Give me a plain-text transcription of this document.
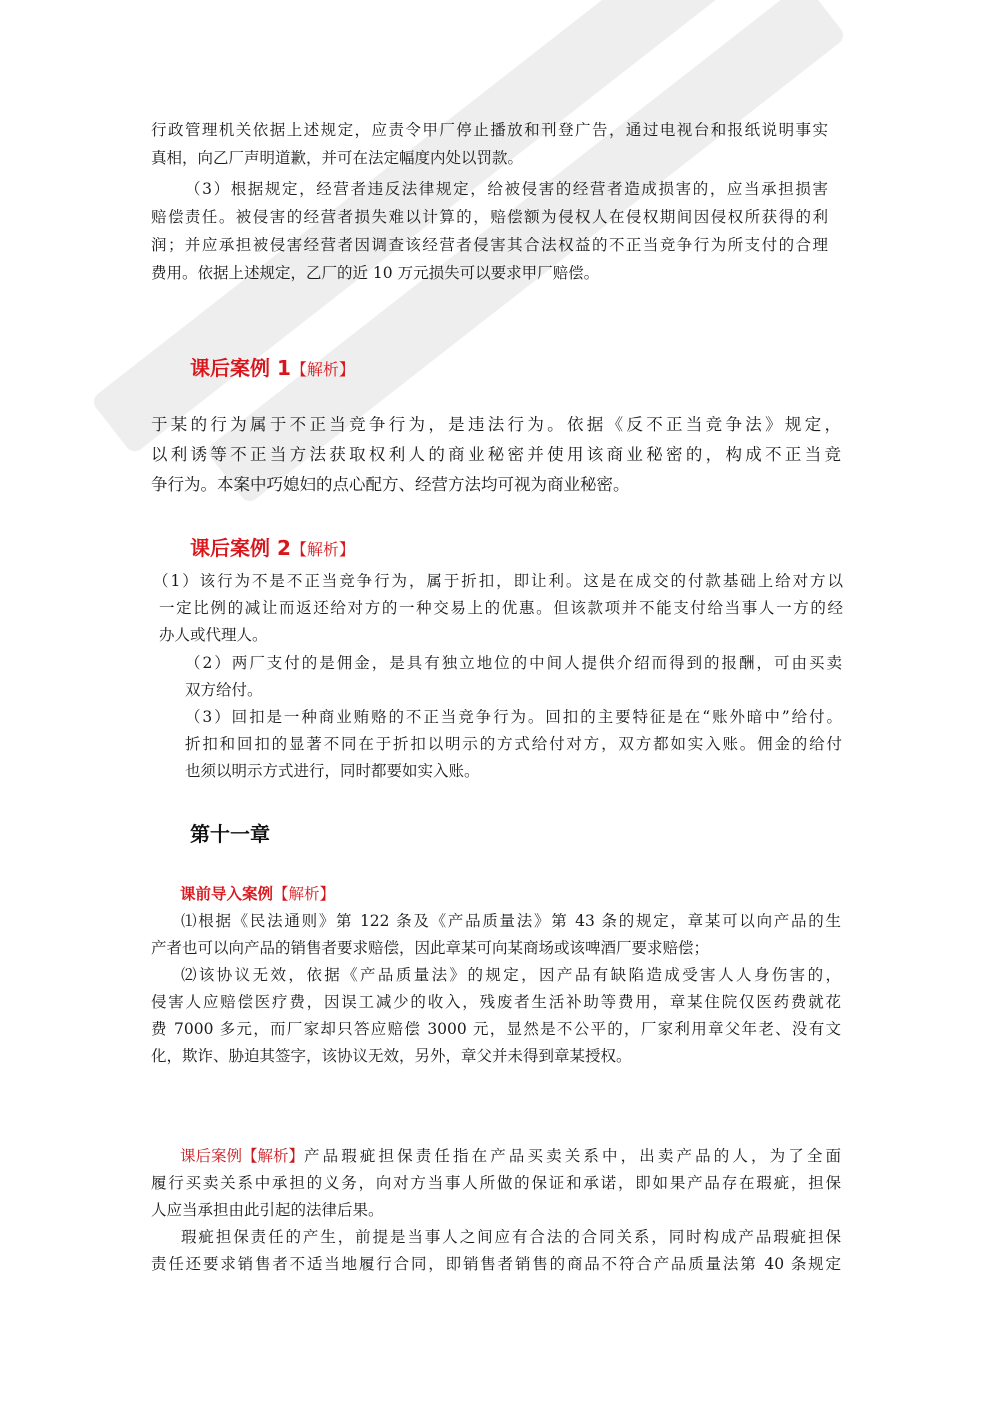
行政管理机关依据上述规定，应责令甲厂停止播放和刊登广告，通过电视台和报纸说明事实
真相，向乙厂声明道歉，并可在法定幅度内处以罚款。
（3）根据规定，经营者违反法律规定，给被侵害的经营者造成损害的，应当承担损害
赔偿责任。被侵害的经营者损失难以计算的，赔偿额为侵权人在侵权期间因侵权所获得的利
润；并应承担被侵害经营者因调查该经营者侵害其合法权益的不正当竞争行为所支付的合理
费用。依据上述规定，乙厂的近 10 万元损失可以要求甲厂赔偿。
课后案例 1【解析】
于某的行为属于不正当竞争行为，是违法行为。依据《反不正当竞争法》规定，
以利诱等不正当方法获取权利人的商业秘密并使用该商业秘密的，构成不正当竞
争行为。本案中巧媳妇的点心配方、经营方法均可视为商业秘密。
课后案例 2【解析】
（1）该行为不是不正当竞争行为，属于折扣，即让利。这是在成交的付款基础上给对方以
一定比例的减让而返还给对方的一种交易上的优惠。但该款项并不能支付给当事人一方的经
办人或代理人。
（2）两厂支付的是佣金，是具有独立地位的中间人提供介绍而得到的报酬，可由买卖
双方给付。
（3）回扣是一种商业贿赂的不正当竞争行为。回扣的主要特征是在“账外暗中”给付。
折扣和回扣的显著不同在于折扣以明示的方式给付对方，双方都如实入账。佣金的给付
也须以明示方式进行，同时都要如实入账。
第十一章
课前导入案例【解析】
⑴根据《民法通则》第 122 条及《产品质量法》第 43 条的规定，章某可以向产品的生
产者也可以向产品的销售者要求赔偿，因此章某可向某商场或该啤酒厂要求赔偿；
⑵该协议无效，依据《产品质量法》的规定，因产品有缺陷造成受害人人身伤害的，
侵害人应赔偿医疗费，因误工减少的收入，残废者生活补助等费用，章某住院仅医药费就花
费 7000 多元，而厂家却只答应赔偿 3000 元，显然是不公平的，厂家利用章父年老、没有文
化，欺诈、胁迫其签字，该协议无效，另外，章父并未得到章某授权。
课后案例 【解析】 产品瑕疵担保责任指在产品买卖关系中，出卖产品的人，为了全面
履行买卖关系中承担的义务，向对方当事人所做的保证和承诺，即如果产品存在瑕疵，担保
人应当承担由此引起的法律后果。
瑕疵担保责任的产生，前提是当事人之间应有合法的合同关系，同时构成产品瑕疵担保
责任还要求销售者不适当地履行合同，即销售者销售的商品不符合产品质量法第 40 条规定
